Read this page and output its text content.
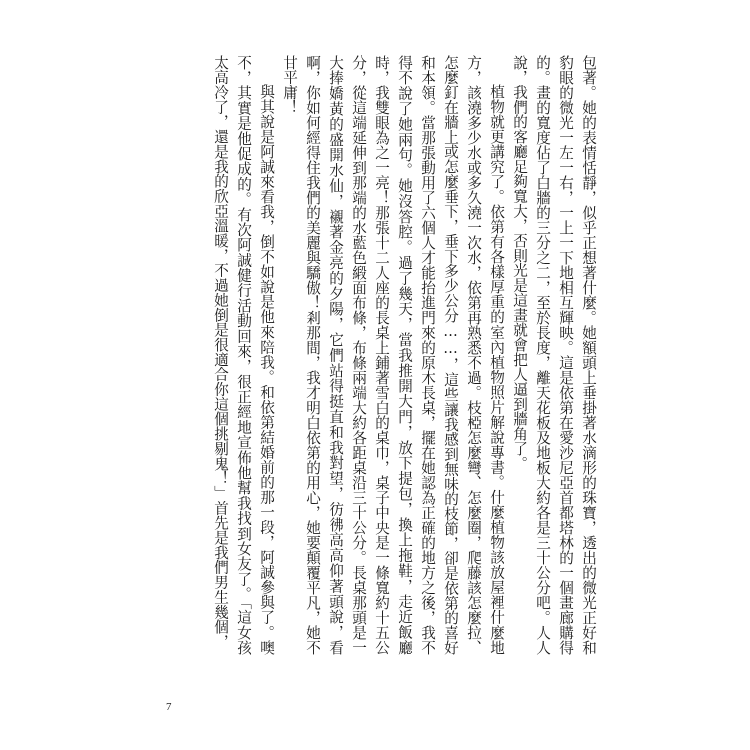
包著。她的表情恬靜，似乎正想著什麼。她額頭上垂掛著水滴形的珠寶，透出的微光正好和豹眼的微光一左一右，一上一下地相互輝映。這是依第在愛沙尼亞首都塔林的一個畫廊購得的。畫的寬度佔了白牆的三分之二，至於長度，離天花板及地板大約各是三十公分吧。人人說，我們的客廳足夠寬大，否則光是這畫就會把人逼到牆角了。

植物就更講究了。依第有各樣厚重的室內植物照片解說專書。什麼植物該放屋裡什麼地方，該澆多少水或多久澆一次水，依第再熟悉不過。枝椏怎麼彎、怎麼圈，爬藤該怎麼拉、怎麼釘在牆上或怎麼垂下，垂下多少公分……，這些讓我感到無味的枝節，卻是依第的喜好和本領。當那張動用了六個人才能抬進門來的原木長桌，擺在她認為正確的地方之後，我不得不說了她兩句。她沒答腔。過了幾天，當我推開大門，放下提包，換上拖鞋，走近飯廳時，我雙眼為之一亮！那張十二人座的長桌上鋪著雪白的桌巾，桌子中央是一條寬約十五公分，從這端延伸到那端的水藍色緞面布條，布條兩端大約各距桌沿三十公分。長桌那頭是一大捧嬌黃的盛開水仙，襯著金亮的夕陽，它們站得挺直和我對望，彷彿高高仰著頭說，看啊，你如何經得住我們的美麗與驕傲！剎那間，我才明白依第的用心，她要顛覆平凡，她不甘平庸！

與其說是阿誠來看我，倒不如說是他來陪我。和依第結婚前的那一段，阿誠參與了。噢不，其實是他促成的。有次阿誠健行活動回來，很正經地宣佈他幫我找到女友了。「這女孩太高冷了，還是我的欣亞溫暖，不過她倒是很適合你這個挑剔鬼！」首先是我們男生幾個，

7
